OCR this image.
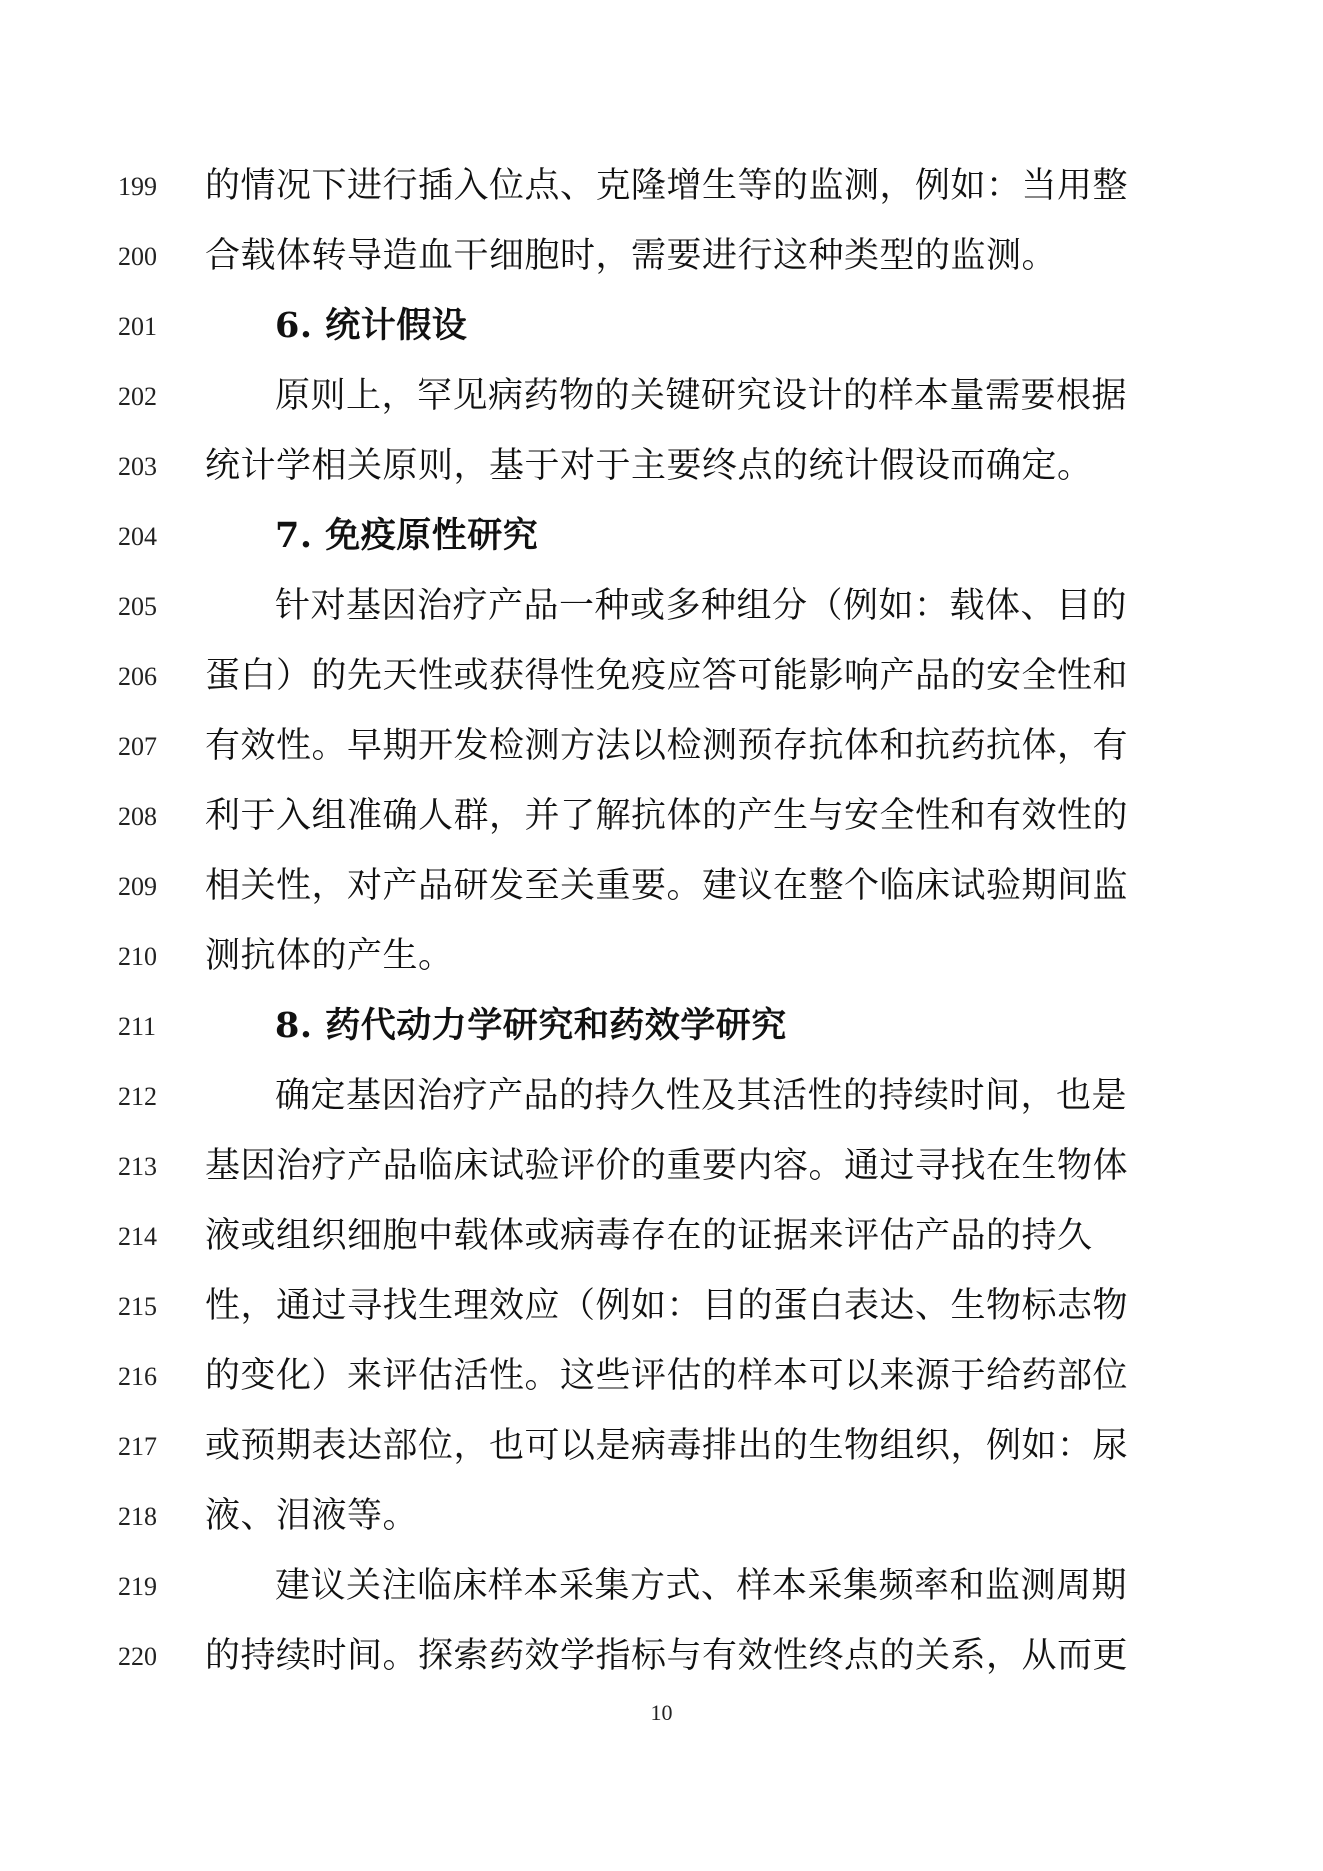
199	的情况下进行插入位点、克隆增生等的监测，例如：当用整
200	合载体转导造血干细胞时，需要进行这种类型的监测。
201	6. 统计假设
202	原则上，罕见病药物的关键研究设计的样本量需要根据
203	统计学相关原则，基于对于主要终点的统计假设而确定。
204	7. 免疫原性研究
205	针对基因治疗产品一种或多种组分（例如：载体、目的
206	蛋白）的先天性或获得性免疫应答可能影响产品的安全性和
207	有效性。早期开发检测方法以检测预存抗体和抗药抗体，有
208	利于入组准确人群，并了解抗体的产生与安全性和有效性的
209	相关性，对产品研发至关重要。建议在整个临床试验期间监
210	测抗体的产生。
211	8. 药代动力学研究和药效学研究
212	确定基因治疗产品的持久性及其活性的持续时间，也是
213	基因治疗产品临床试验评价的重要内容。通过寻找在生物体
214	液或组织细胞中载体或病毒存在的证据来评估产品的持久
215	性，通过寻找生理效应（例如：目的蛋白表达、生物标志物
216	的变化）来评估活性。这些评估的样本可以来源于给药部位
217	或预期表达部位，也可以是病毒排出的生物组织，例如：尿
218	液、泪液等。
219	建议关注临床样本采集方式、样本采集频率和监测周期
220	的持续时间。探索药效学指标与有效性终点的关系，从而更
10
